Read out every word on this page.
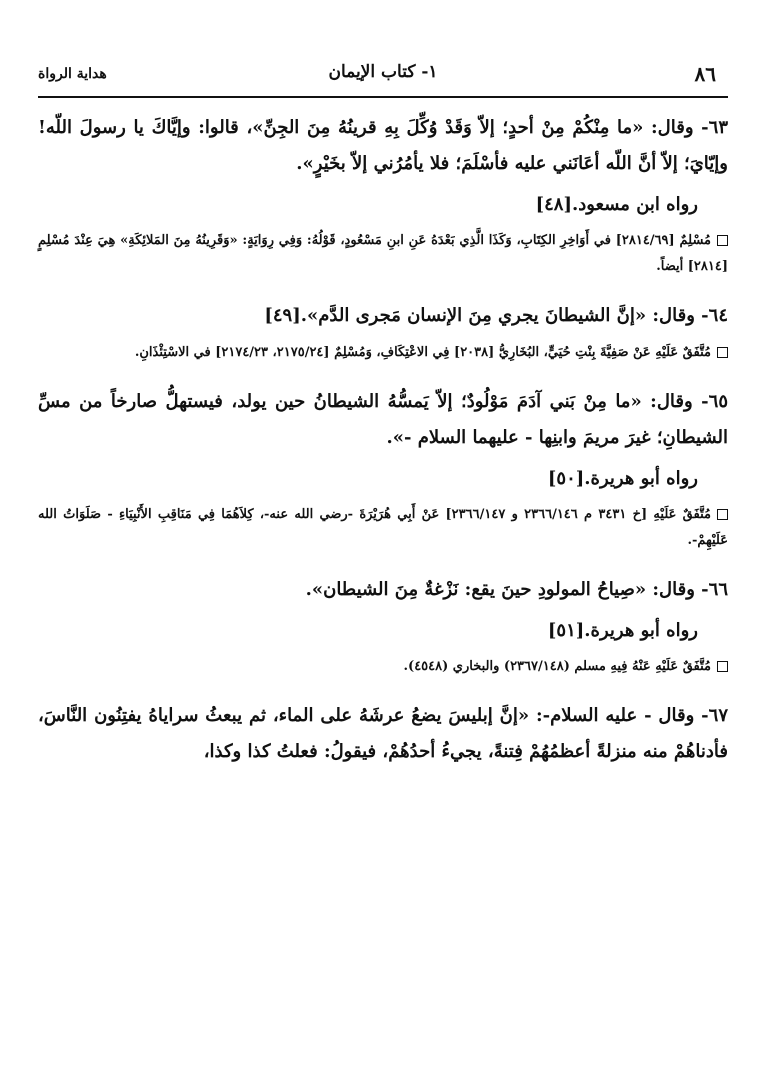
٨٦
١- كتاب الإيمان
هداية الرواة

٦٣- وقال: «ما مِنْكُمْ مِنْ أحدٍ؛ إلاّ وَقَدْ وُكِّلَ بِهِ قرينُهُ مِنَ الجِنِّ»، قالوا: وإيَّاكَ يا رسولَ اللّه! وإيّايَ؛ إلاّ أنَّ اللّه أعَانَني عليه فأسْلَمَ؛ فلا يأمُرُني إلاّ بخَيْرٍ».

رواه ابن مسعود.[٤٨]

مُسْلِمٌ [٢٨١٤/٦٩] في أَوَاخِرِ الكِتَابِ، وَكَذَا الَّذِي بَعْدَهُ عَنِ ابنِ مَسْعُودٍ، قَوْلُهُ: وَفِي رِوَايَةٍ: «وَقَرِينُهُ مِنَ المَلائِكَةِ» هِيَ عِنْدَ مُسْلِمٍ [٢٨١٤] أيضاً.

٦٤- وقال: «إنَّ الشيطانَ يجري مِنَ الإنسان مَجرى الدَّم».[٤٩]

مُتَّفَقٌ عَلَيْهِ عَنْ صَفِيَّةَ بِنْتِ حُيَيٍّ، البُخَارِيُّ [٢٠٣٨] فِي الاعْتِكَافِ، وَمُسْلِمٌ [٢١٧٥/٢٤، ٢١٧٤/٢٣] في الاسْتِئْذَانِ.

٦٥- وقال: «ما مِنْ بَني آدَمَ مَوْلُودٌ؛ إلاّ يَمسُّهُ الشيطانُ حين يولد، فيستهلُّ صارخاً من مسِّ الشيطانِ؛ غيرَ مريمَ وابنِها - عليهما السلام -».

رواه أبو هريرة.[٥٠]

مُتَّفَقٌ عَلَيْهِ [خ ٣٤٣١ م ٢٣٦٦/١٤٦ و ٢٣٦٦/١٤٧] عَنْ أَبِي هُرَيْرَةَ -رضي الله عنه-، كِلاَهُمَا فِي مَنَاقِبِ الأَنْبِيَاءِ - صَلَوَاتُ الله عَلَيْهِمْ-.

٦٦- وقال: «صِياحُ المولودِ حينَ يقع: نَزْغةٌ مِنَ الشيطان».

رواه أبو هريرة.[٥١]

مُتَّفَقٌ عَلَيْهِ عَنْهُ فِيهِ مسلم (٢٣٦٧/١٤٨) والبخاري (٤٥٤٨).

٦٧- وقال - عليه السلام-: «إنَّ إبليسَ يضعُ عرشَهُ على الماء، ثم يبعثُ سراياهُ يفتِنُون النَّاسَ، فأدناهُمْ منه منزلةً أعظمُهُمْ فِتنةً، يجيءُ أحدُهُمْ، فيقولُ: فعلتُ كذا وكذا،
